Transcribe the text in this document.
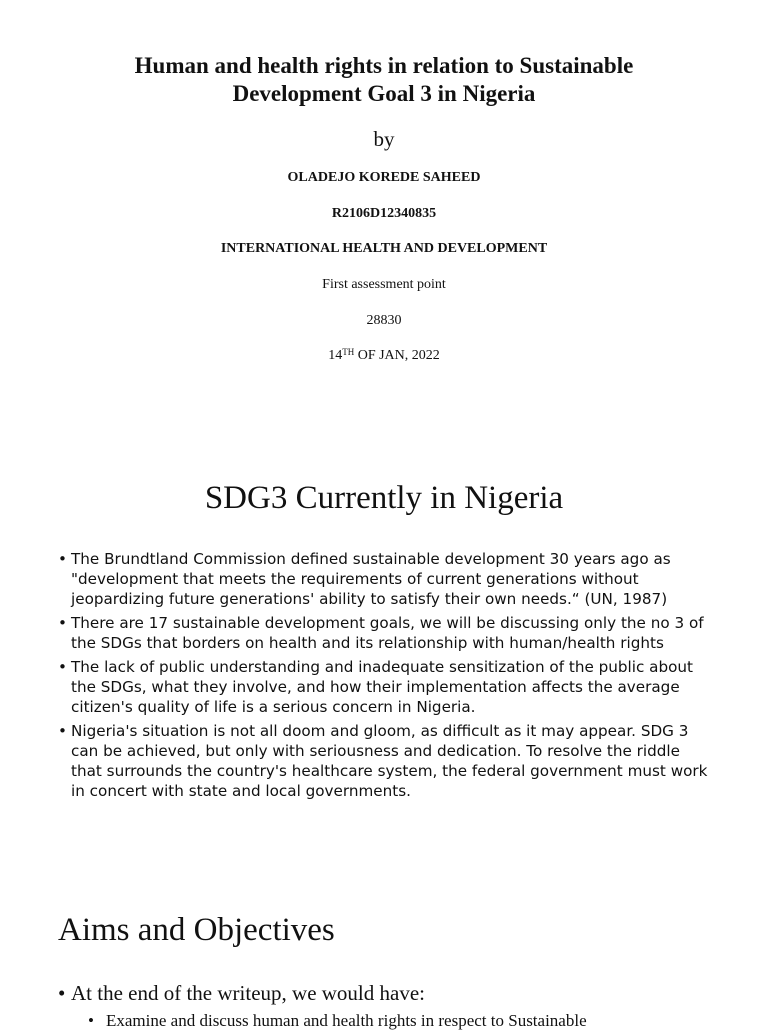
Human and health rights in relation to Sustainable
Development Goal 3 in Nigeria
by
OLADEJO KOREDE SAHEED
R2106D12340835
INTERNATIONAL HEALTH AND DEVELOPMENT
First assessment point
28830
14TH OF JAN, 2022
SDG3 Currently in Nigeria
• The Brundtland Commission defined sustainable development 30 years ago as "development that meets the requirements of current generations without jeopardizing future generations' ability to satisfy their own needs.“ (UN, 1987)
• There are 17 sustainable development goals, we will be discussing only the no 3 of the SDGs that borders on health and its relationship with human/health rights
• The lack of public understanding and inadequate sensitization of the public about the SDGs, what they involve, and how their implementation affects the average citizen's quality of life is a serious concern in Nigeria.
• Nigeria's situation is not all doom and gloom, as difficult as it may appear. SDG 3 can be achieved, but only with seriousness and dedication. To resolve the riddle that surrounds the country's healthcare system, the federal government must work in concert with state and local governments.
Aims and Objectives
• At the end of the writeup, we would have:
• Examine and discuss human and health rights in respect to Sustainable
